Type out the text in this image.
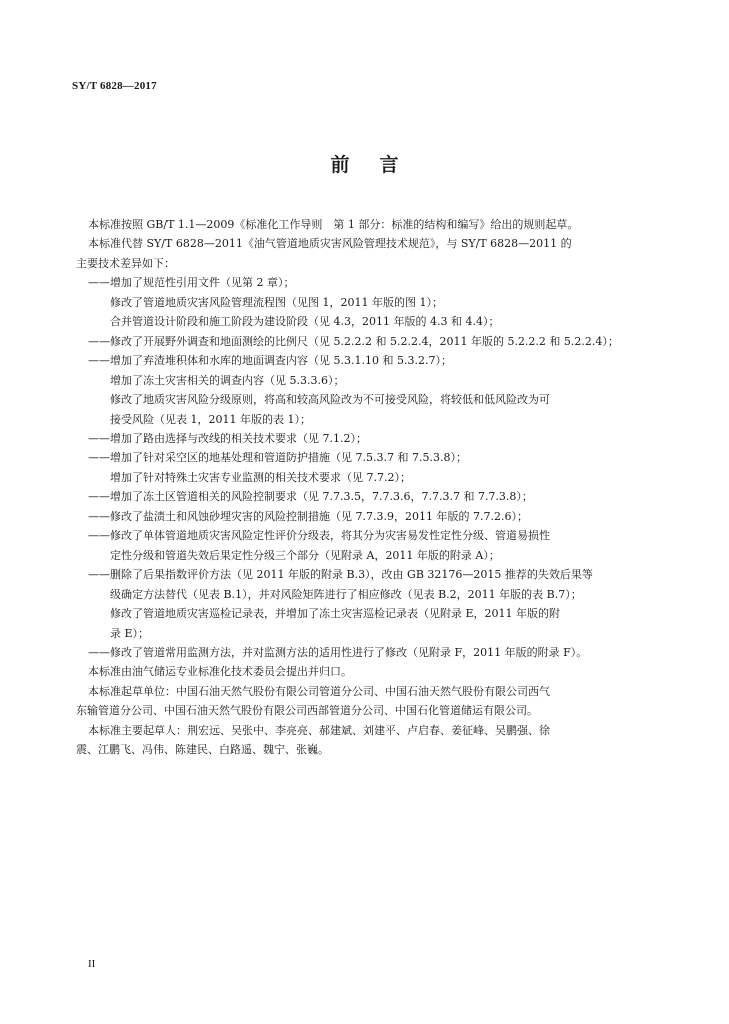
SY/T 6828—2017
前 言

本标准按照 GB/T 1.1—2009《标准化工作导则　第 1 部分：标准的结构和编写》给出的规则起草。

本标准代替 SY/T 6828—2011《油气管道地质灾害风险管理技术规范》，与 SY/T 6828—2011 的

主要技术差异如下：

——增加了规范性引用文件（见第 2 章）；

修改了管道地质灾害风险管理流程图（见图 1，2011 年版的图 1）；

合并管道设计阶段和施工阶段为建设阶段（见 4.3，2011 年版的 4.3 和 4.4）；

——修改了开展野外调查和地面测绘的比例尺（见 5.2.2.2 和 5.2.2.4，2011 年版的 5.2.2.2 和 5.2.2.4）；

——增加了弃渣堆积体和水库的地面调查内容（见 5.3.1.10 和 5.3.2.7）；

增加了冻土灾害相关的调查内容（见 5.3.3.6）；

修改了地质灾害风险分级原则，将高和较高风险改为不可接受风险，将较低和低风险改为可

接受风险（见表 1，2011 年版的表 1）；

——增加了路由选择与改线的相关技术要求（见 7.1.2）；

——增加了针对采空区的地基处理和管道防护措施（见 7.5.3.7 和 7.5.3.8）；

增加了针对特殊土灾害专业监测的相关技术要求（见 7.7.2）；

——增加了冻土区管道相关的风险控制要求（见 7.7.3.5，7.7.3.6，7.7.3.7 和 7.7.3.8）；

——修改了盐渍土和风蚀砂埋灾害的风险控制措施（见 7.7.3.9，2011 年版的 7.7.2.6）；

——修改了单体管道地质灾害风险定性评价分级表，将其分为灾害易发性定性分级、管道易损性

定性分级和管道失效后果定性分级三个部分（见附录 A，2011 年版的附录 A）；

——删除了后果指数评价方法（见 2011 年版的附录 B.3），改由 GB 32176—2015 推荐的失效后果等

级确定方法替代（见表 B.1），并对风险矩阵进行了相应修改（见表 B.2，2011 年版的表 B.7）；

修改了管道地质灾害巡检记录表，并增加了冻土灾害巡检记录表（见附录 E，2011 年版的附

录 E）；

——修改了管道常用监测方法，并对监测方法的适用性进行了修改（见附录 F，2011 年版的附录 F）。

本标准由油气储运专业标准化技术委员会提出并归口。

本标准起草单位：中国石油天然气股份有限公司管道分公司、中国石油天然气股份有限公司西气

东输管道分公司、中国石油天然气股份有限公司西部管道分公司、中国石化管道储运有限公司。

本标准主要起草人：荆宏远、吴张中、李亮亮、郝建斌、刘建平、卢启春、姜征峰、吴鹏强、徐

震、江鹏飞、冯伟、陈建民、白路遥、魏宁、张巍。

II
